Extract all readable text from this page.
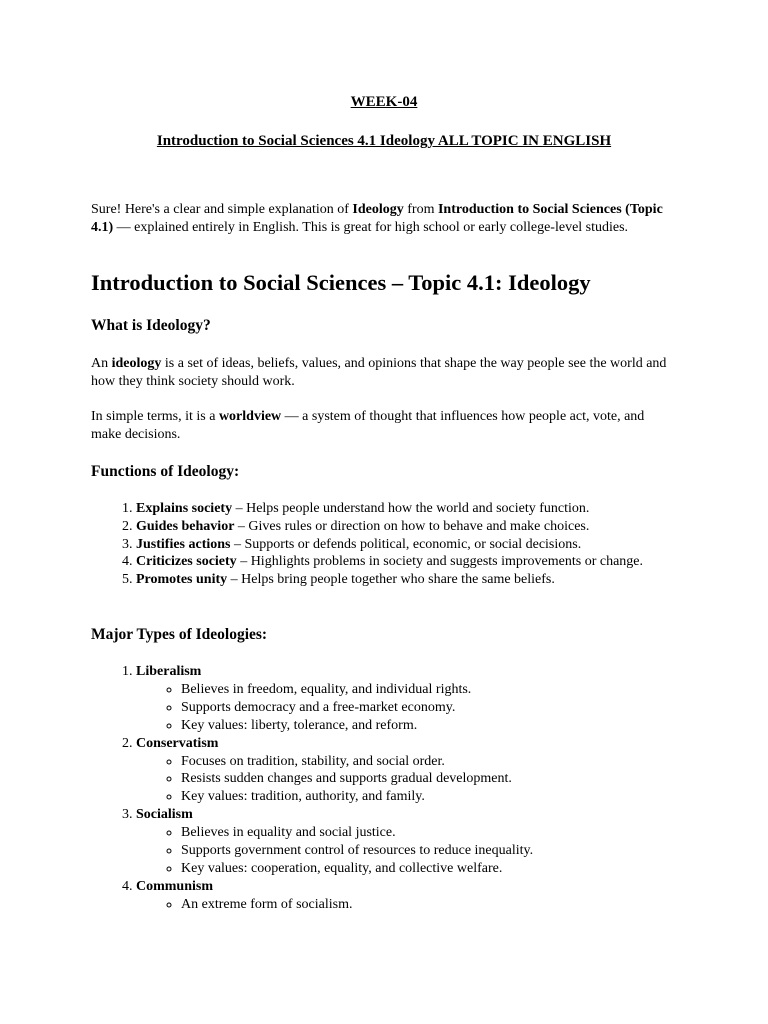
WEEK-04
Introduction to Social Sciences 4.1 Ideology ALL TOPIC IN ENGLISH
Sure! Here's a clear and simple explanation of Ideology from Introduction to Social Sciences (Topic 4.1) — explained entirely in English. This is great for high school or early college-level studies.
Introduction to Social Sciences – Topic 4.1: Ideology
What is Ideology?
An ideology is a set of ideas, beliefs, values, and opinions that shape the way people see the world and how they think society should work.
In simple terms, it is a worldview — a system of thought that influences how people act, vote, and make decisions.
Functions of Ideology:
1. Explains society – Helps people understand how the world and society function.
2. Guides behavior – Gives rules or direction on how to behave and make choices.
3. Justifies actions – Supports or defends political, economic, or social decisions.
4. Criticizes society – Highlights problems in society and suggests improvements or change.
5. Promotes unity – Helps bring people together who share the same beliefs.
Major Types of Ideologies:
1. Liberalism
◦ Believes in freedom, equality, and individual rights.
◦ Supports democracy and a free-market economy.
◦ Key values: liberty, tolerance, and reform.
2. Conservatism
◦ Focuses on tradition, stability, and social order.
◦ Resists sudden changes and supports gradual development.
◦ Key values: tradition, authority, and family.
3. Socialism
◦ Believes in equality and social justice.
◦ Supports government control of resources to reduce inequality.
◦ Key values: cooperation, equality, and collective welfare.
4. Communism
◦ An extreme form of socialism.
